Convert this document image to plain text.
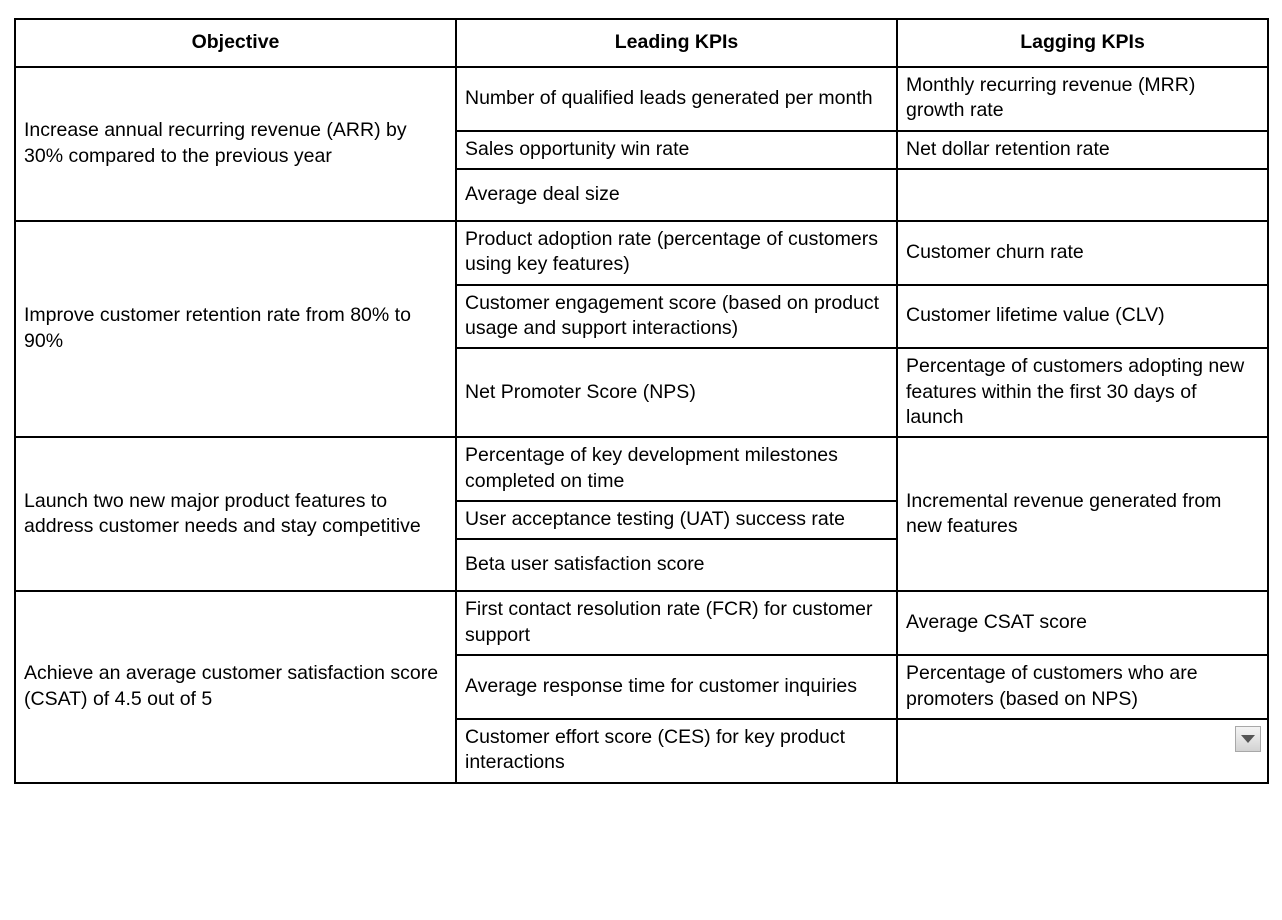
Objective	Leading KPIs	Lagging KPIs
Increase annual recurring revenue (ARR) by 30% compared to the previous year	Number of qualified leads generated per month	Monthly recurring revenue (MRR) growth rate
	Sales opportunity win rate	Net dollar retention rate
	Average deal size	
Improve customer retention rate from 80% to 90%	Product adoption rate (percentage of customers using key features)	Customer churn rate
	Customer engagement score (based on product usage and support interactions)	Customer lifetime value (CLV)
	Net Promoter Score (NPS)	Percentage of customers adopting new features within the first 30 days of launch
Launch two new major product features to address customer needs and stay competitive	Percentage of key development milestones completed on time	Incremental revenue generated from new features
	User acceptance testing (UAT) success rate	
	Beta user satisfaction score	
Achieve an average customer satisfaction score (CSAT) of 4.5 out of 5	First contact resolution rate (FCR) for customer support	Average CSAT score
	Average response time for customer inquiries	Percentage of customers who are promoters (based on NPS)
	Customer effort score (CES) for key product interactions	
